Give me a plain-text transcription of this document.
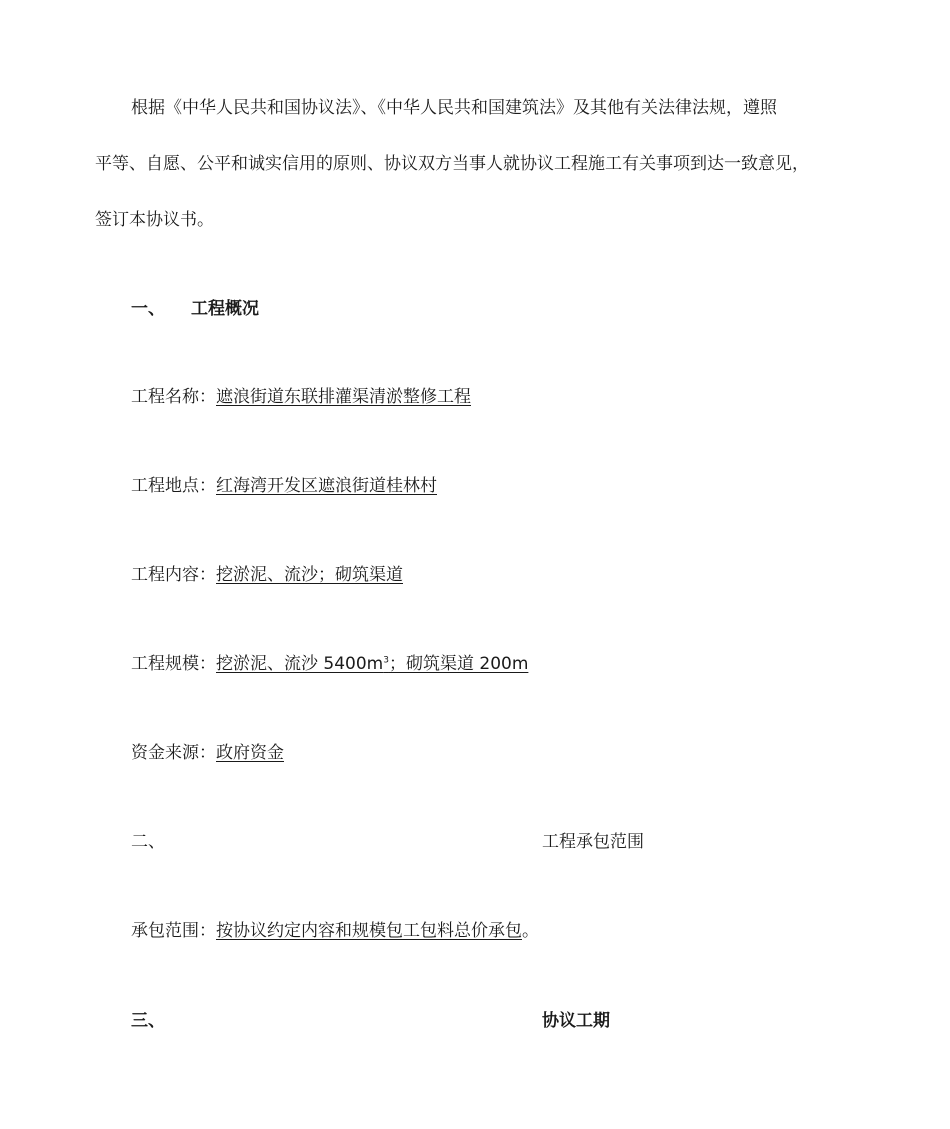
根据《中华人民共和国协议法》、《中华人民共和国建筑法》及其他有关法律法规，遵照
平等、自愿、公平和诚实信用的原则、协议双方当事人就协议工程施工有关事项到达一致意见，
签订本协议书。
一、 工程概况
工程名称：遮浪街道东联排灌渠清淤整修工程
工程地点：红海湾开发区遮浪街道桂林村
工程内容：挖淤泥、流沙；砌筑渠道
工程规模：挖淤泥、流沙 $5400m^3$；砌筑渠道 200m
资金来源：政府资金
二、	工程承包范围
承包范围：按协议约定内容和规模包工包料总价承包。
三、	协议工期
